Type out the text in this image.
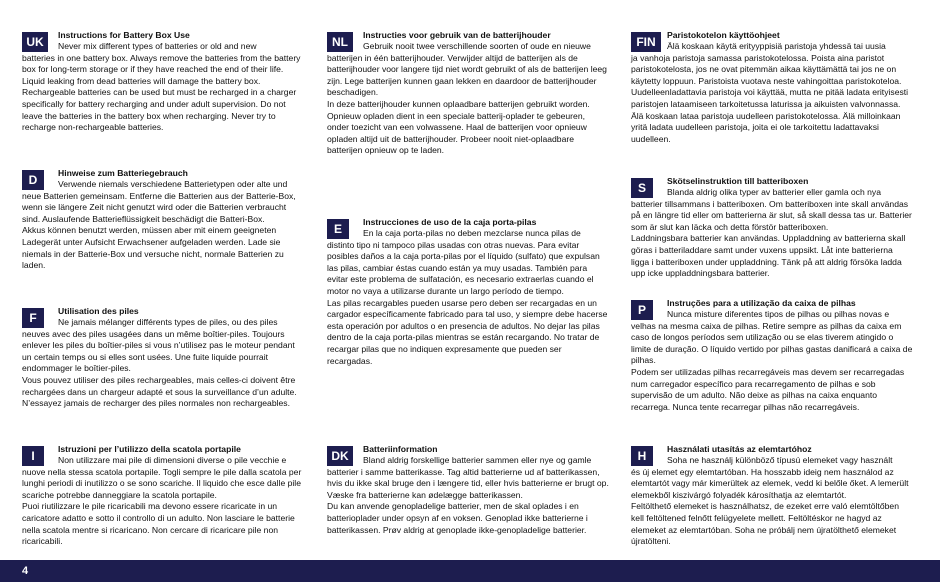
UK	Instructions for Battery Box Use
Never mix different types of batteries or old and new

batteries in one battery box. Always remove the batteries from the battery box for long-term storage or if they have reached the end of their life. Liquid leaking from dead batteries will damage the battery box.

Rechargeable batteries can be used but must be recharged in a charger specifically for battery recharging and under adult supervision. Do not leave the batteries in the battery box when recharging. Never try to recharge non-rechargeable batteries.

D	Hinweise zum Batteriegebrauch
Verwende niemals verschiedene Batterietypen oder alte und

neue Batterien gemeinsam. Entferne die Batterien aus der Batterie-Box, wenn sie längere Zeit nicht genutzt wird oder die Batterien verbraucht sind. Auslaufende Batterieflüssigkeit beschädigt die Batteri-Box.

Akkus können benutzt werden, müssen aber mit einem geeigneten Ladegerät unter Aufsicht Erwachsener aufgeladen werden. Lade sie niemals in der Batterie-Box und versuche nicht, normale Batterien zu laden.

F	Utilisation des piles
Ne jamais mélanger différents types de piles, ou des piles

neuves avec des piles usagées dans un même boîtier-piles. Toujours enlever les piles du boîtier-piles si vous n’utilisez pas le moteur pendant un certain temps ou si elles sont usées. Une fuite liquide pourrait endommager le boîtier-piles.

Vous pouvez utiliser des piles rechargeables, mais celles-ci doivent être rechargées dans un chargeur adapté et sous la surveillance d’un adulte. N’essayez jamais de recharger des piles normales non rechargeables.

I	Istruzioni per l’utilizzo della scatola portapile
Non utilizzare mai pile di dimensioni diverse o pile vecchie e

nuove nella stessa scatola portapile. Togli sempre le pile dalla scatola per lunghi periodi di inutilizzo o se sono scariche. Il liquido che esce dalle pile scariche potrebbe danneggiare la scatola portapile.

Puoi riutilizzare le pile ricaricabili ma devono essere ricaricate in un caricatore adatto e sotto il controllo di un adulto. Non lasciare le batterie nella scatola mentre si ricaricano. Non cercare di ricaricare pile non ricaricabili.

NL	Instructies voor gebruik van de batterijhouder
Gebruik nooit twee verschillende soorten of oude en nieuwe

batterijen in één batterijhouder. Verwijder altijd de batterijen als de batterijhouder voor langere tijd niet wordt gebruikt of als de batterijen leeg zijn. Lege batterijen kunnen gaan lekken en daardoor de batterijhouder beschadigen.

In deze batterijhouder kunnen oplaadbare batterijen gebruikt worden. Opnieuw opladen dient in een speciale batterij-oplader te gebeuren, onder toezicht van een volwassene. Haal de batterijen voor opnieuw opladen altijd uit de batterijhouder. Probeer nooit niet-oplaadbare batterijen opnieuw op te laden.

E	Instrucciones de uso de la caja porta-pilas
En la caja porta-pilas no deben mezclarse nunca pilas de

distinto tipo ni tampoco pilas usadas con otras nuevas. Para evitar posibles daños a la caja porta-pilas por el líquido (sulfato) que expulsan las pilas, cambiar éstas cuando están ya muy usadas. También para evitar este problema de sulfatación, es necesario extraerlas cuando el motor no vaya a utilizarse durante un largo período de tiempo.

Las pilas recargables pueden usarse pero deben ser recargadas en un cargador específicamente fabricado para tal uso, y siempre debe hacerse esta operación por adultos o en presencia de adultos. No dejar las pilas dentro de la caja porta-pilas mientras se están recargando. No tratar de recargar pilas que no indiquen expresamente que pueden ser recargadas.

DK	Batteriinformation
Bland aldrig forskellige batterier sammen eller nye og gamle

batterier i samme batterikasse. Tag altid batterierne ud af batterikassen, hvis du ikke skal bruge den i længere tid, eller hvis batterierne er brugt op. Væske fra batterierne kan ødelægge batterikassen.

Du kan anvende genopladelige batterier, men de skal oplades i en batterioplader under opsyn af en voksen. Genoplad ikke batterierne i batterikassen. Prøv aldrig at genoplade ikke-genopladelige batterier.

FIN	Paristokotelon käyttöohjeet
Älä koskaan käytä erityyppisiä paristoja yhdessä tai uusia

ja vanhoja paristoja samassa paristokotelossa. Poista aina paristot paristokotelosta, jos ne ovat pitemmän aikaa käyttämättä tai jos ne on käytetty loppuun. Paristoista vuotava neste vahingoittaa paristokoteloa.

Uudelleenladattavia paristoja voi käyttää, mutta ne pitää ladata erityisesti paristojen lataamiseen tarkoitetussa laturissa ja aikuisten valvonnassa. Älä koskaan lataa paristoja uudelleen paristokotelossa. Älä milloinkaan yritä ladata uudelleen paristoja, joita ei ole tarkoitettu ladattavaksi uudelleen.

S	Skötselinstruktion till batteriboxen
Blanda aldrig olika typer av batterier eller gamla och nya

batterier tillsammans i batteriboxen. Om batteriboxen inte skall användas på en längre tid eller om batterierna är slut, så skall dessa tas ur. Batterier som är slut kan läcka och detta förstör batteriboxen.

Laddningsbara batterier kan användas. Uppladdning av batterierna skall göras i batteriladdare samt under vuxens uppsikt. Låt inte batterierna ligga i batteriboxen under uppladdning. Tänk på att aldrig försöka ladda upp icke uppladdningsbara batterier.

P	Instruções para a utilização da caixa de pilhas
Nunca misture diferentes tipos de pilhas ou pilhas novas e

velhas na mesma caixa de pilhas. Retire sempre as pilhas da caixa em caso de longos períodos sem utilização ou se elas tiverem atingido o limite de duração. O líquido vertido por pilhas gastas danificará a caixa de pilhas.

Podem ser utilizadas pilhas recarregáveis mas devem ser recarregadas num carregador específico para recarregamento de pilhas e sob supervisão de um adulto. Não deixe as pilhas na caixa enquanto recarrega. Nunca tente recarregar pilhas não recarregáveis.

H	Használati utasítás az elemtartóhoz
Soha ne használj különböző típusú elemeket vagy használt

és új elemet egy elemtartóban. Ha hosszabb ideig nem használod az elemtartót vagy már kimerültek az elemek, vedd ki belőle őket. A lemerült elemekből kiszivárgó folyadék károsíthatja az elemtartót.

Feltölthető elemeket is használhatsz, de ezeket erre való elemtöltőben kell feltöltened felnőtt felügyelete mellett. Feltöltéskor ne hagyd az elemeket az elemtartóban. Soha ne próbálj nem újratölthető elemeket újratölteni.

4
